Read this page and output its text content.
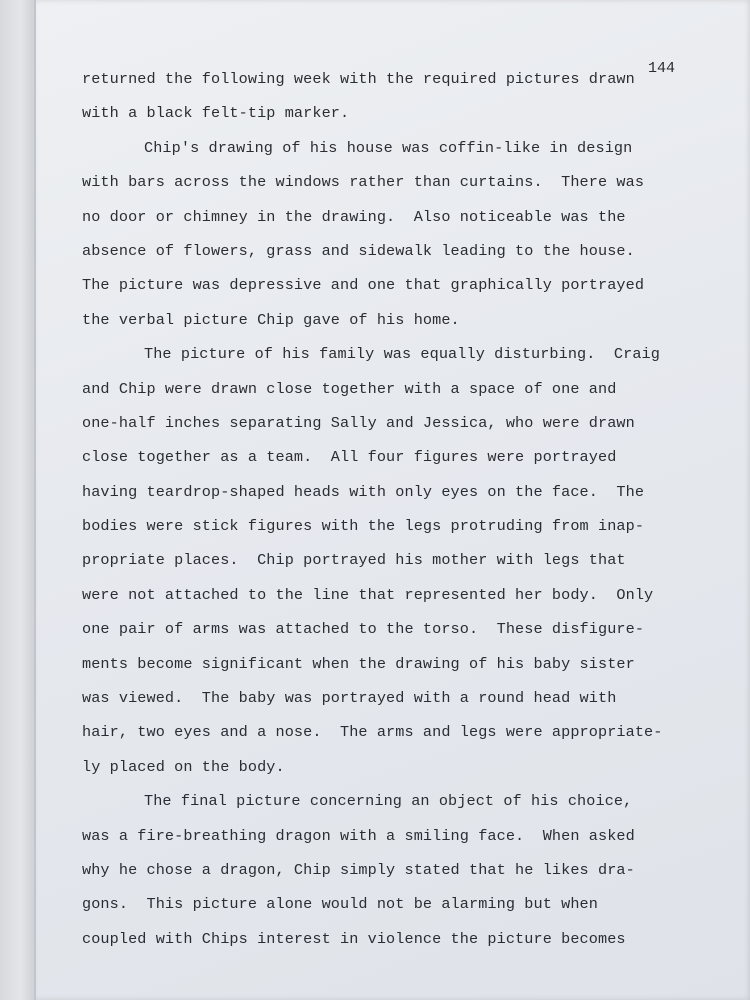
144
returned the following week with the required pictures drawn
with a black felt-tip marker.
Chip's drawing of his house was coffin-like in design
with bars across the windows rather than curtains.  There was
no door or chimney in the drawing.  Also noticeable was the
absence of flowers, grass and sidewalk leading to the house.
The picture was depressive and one that graphically portrayed
the verbal picture Chip gave of his home.
The picture of his family was equally disturbing.  Craig
and Chip were drawn close together with a space of one and
one-half inches separating Sally and Jessica, who were drawn
close together as a team.  All four figures were portrayed
having teardrop-shaped heads with only eyes on the face.  The
bodies were stick figures with the legs protruding from inap-
propriate places.  Chip portrayed his mother with legs that
were not attached to the line that represented her body.  Only
one pair of arms was attached to the torso.  These disfigure-
ments become significant when the drawing of his baby sister
was viewed.  The baby was portrayed with a round head with
hair, two eyes and a nose.  The arms and legs were appropriate-
ly placed on the body.
The final picture concerning an object of his choice,
was a fire-breathing dragon with a smiling face.  When asked
why he chose a dragon, Chip simply stated that he likes dra-
gons.  This picture alone would not be alarming but when
coupled with Chips interest in violence the picture becomes
